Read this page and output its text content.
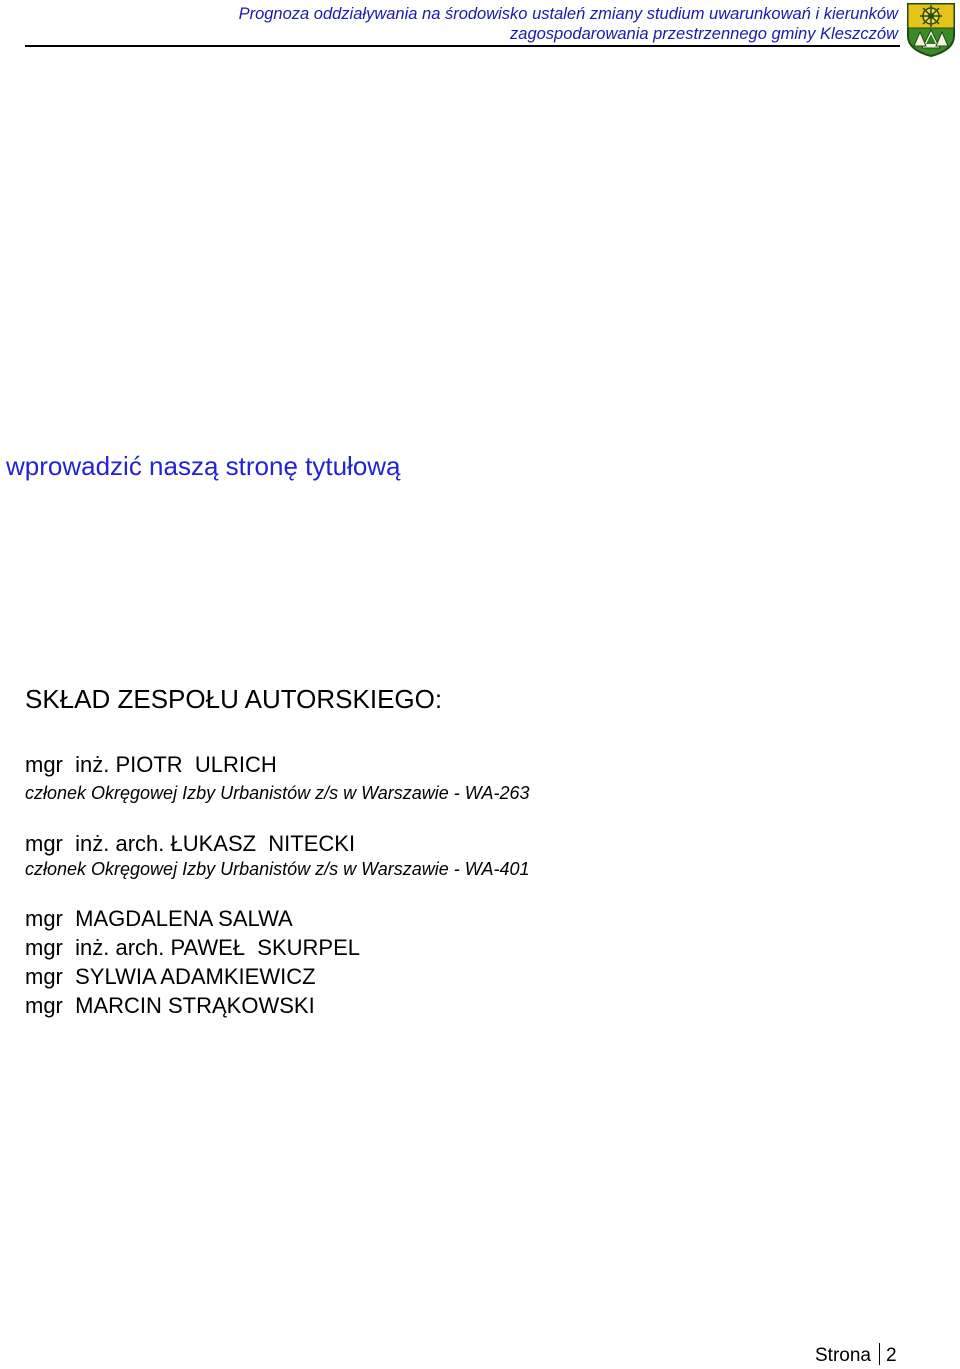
Prognoza oddziaływania na środowisko ustaleń zmiany studium uwarunkowań i kierunków
zagospodarowania przestrzennego gminy Kleszczów
wprowadzić naszą stronę tytułową
SKŁAD ZESPOŁU AUTORSKIEGO:
mgr  inż. PIOTR  ULRICH
członek Okręgowej Izby Urbanistów z/s w Warszawie - WA-263
mgr  inż. arch. ŁUKASZ  NITECKI
członek Okręgowej Izby Urbanistów z/s w Warszawie - WA-401
mgr  MAGDALENA SALWA
mgr  inż. arch. PAWEŁ  SKURPEL
mgr  SYLWIA ADAMKIEWICZ
mgr  MARCIN STRĄKOWSKI
Strona 2
